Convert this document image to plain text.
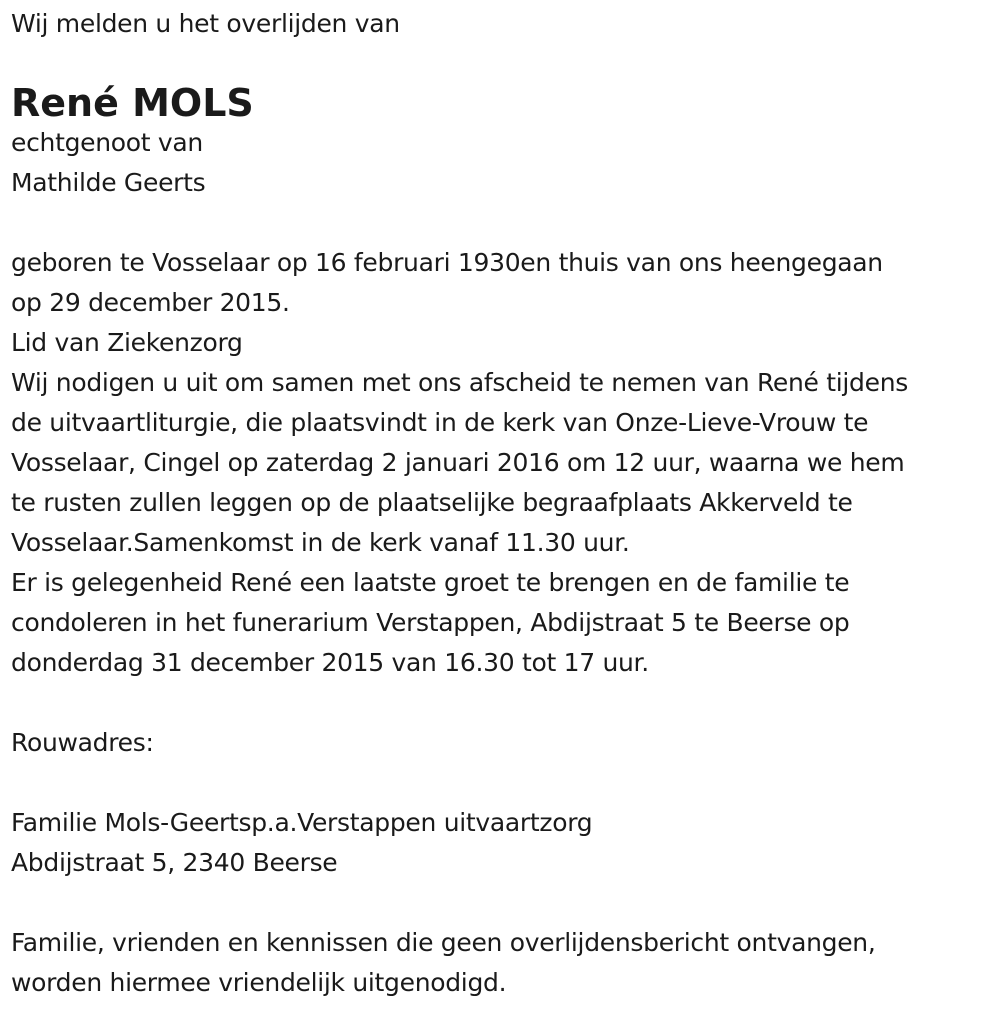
Wij melden u het overlijden van
René MOLS
echtgenoot van
Mathilde Geerts
geboren te Vosselaar op 16 februari 1930en thuis van ons heengegaan
op 29 december 2015.
Lid van Ziekenzorg
Wij nodigen u uit om samen met ons afscheid te nemen van René tijdens
de uitvaartliturgie, die plaatsvindt in de kerk van Onze-Lieve-Vrouw te
Vosselaar, Cingel op zaterdag 2 januari 2016 om 12 uur, waarna we hem
te rusten zullen leggen op de plaatselijke begraafplaats Akkerveld te
Vosselaar.Samenkomst in de kerk vanaf 11.30 uur.
Er is gelegenheid René een laatste groet te brengen en de familie te
condoleren in het funerarium Verstappen, Abdijstraat 5 te Beerse op
donderdag 31 december 2015 van 16.30 tot 17 uur.
Rouwadres:
Familie Mols-Geertsp.a.Verstappen uitvaartzorg
Abdijstraat 5, 2340 Beerse
Familie, vrienden en kennissen die geen overlijdensbericht ontvangen,
worden hiermee vriendelijk uitgenodigd.
